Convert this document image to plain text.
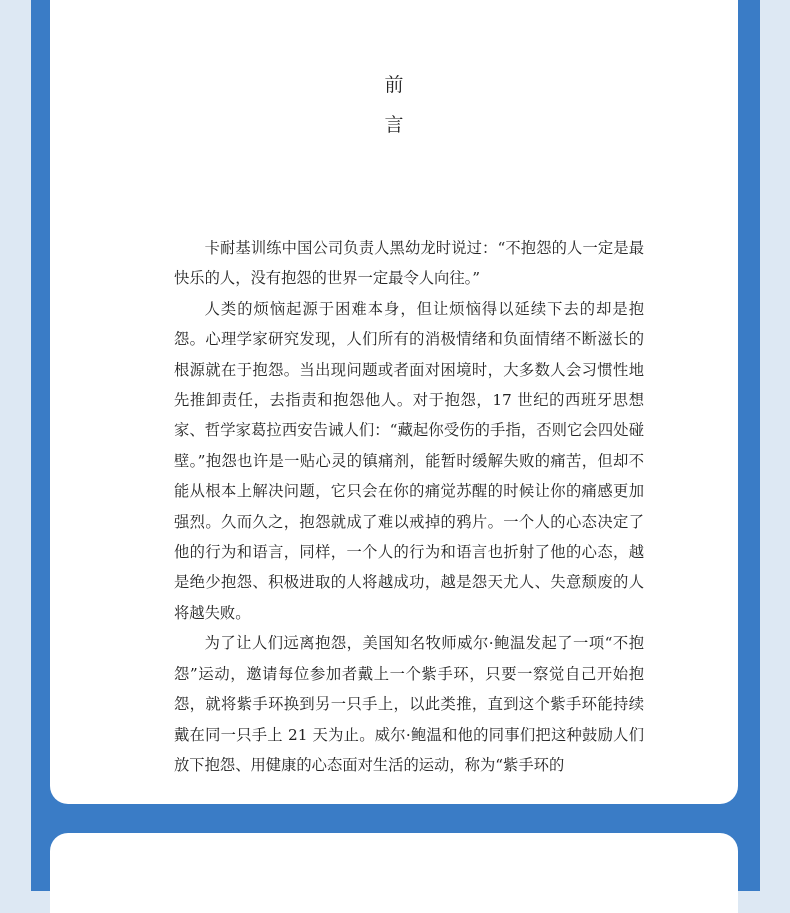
前
言

卡耐基训练中国公司负责人黑幼龙时说过：“不抱怨的人一定是最快乐的人，没有抱怨的世界一定最令人向往。”

人类的烦恼起源于困难本身，但让烦恼得以延续下去的却是抱怨。心理学家研究发现，人们所有的消极情绪和负面情绪不断滋长的根源就在于抱怨。当出现问题或者面对困境时，大多数人会习惯性地先推卸责任，去指责和抱怨他人。对于抱怨，17 世纪的西班牙思想家、哲学家葛拉西安告诫人们：“藏起你受伤的手指，否则它会四处碰壁。”抱怨也许是一贴心灵的镇痛剂，能暂时缓解失败的痛苦，但却不能从根本上解决问题，它只会在你的痛觉苏醒的时候让你的痛感更加强烈。久而久之，抱怨就成了难以戒掉的鸦片。一个人的心态决定了他的行为和语言，同样，一个人的行为和语言也折射了他的心态，越是绝少抱怨、积极进取的人将越成功，越是怨天尤人、失意颓废的人将越失败。

为了让人们远离抱怨，美国知名牧师威尔·鲍温发起了一项“不抱怨”运动，邀请每位参加者戴上一个紫手环，只要一察觉自己开始抱怨，就将紫手环换到另一只手上，以此类推，直到这个紫手环能持续戴在同一只手上 21 天为止。威尔·鲍温和他的同事们把这种鼓励人们放下抱怨、用健康的心态面对生活的运动，称为“紫手环的
